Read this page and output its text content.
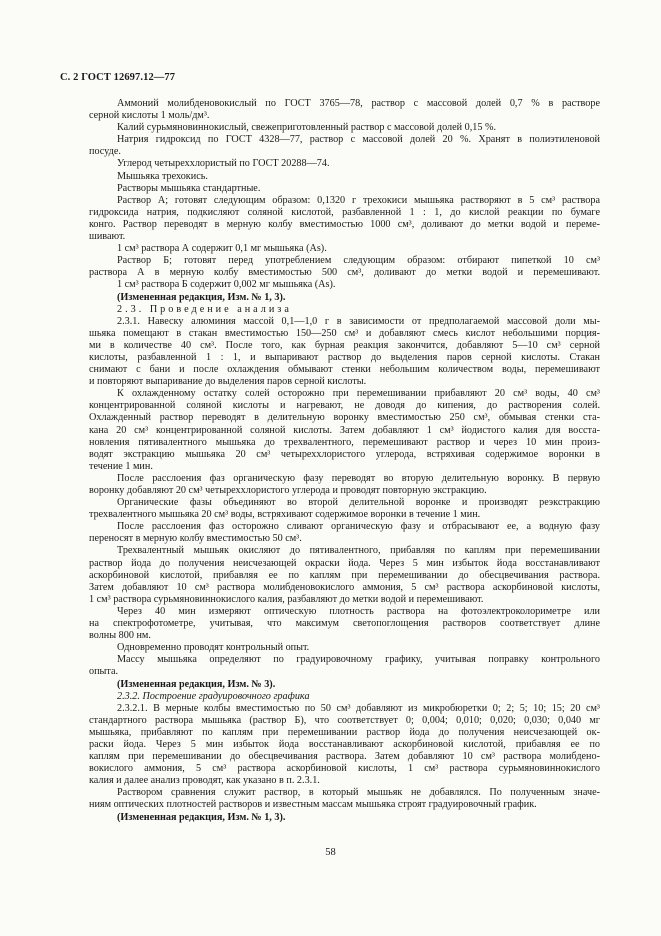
С. 2 ГОСТ 12697.12—77
Аммоний молибденовокислый по ГОСТ 3765—78, раствор с массовой долей 0,7 % в растворе
серной кислоты 1 моль/дм³.
Калий сурьмяновиннокислый, свежеприготовленный раствор с массовой долей 0,15 %.
Натрия гидроксид по ГОСТ 4328—77, раствор с массовой долей 20 %. Хранят в полиэтиленовой
посуде.
Углерод четыреххлористый по ГОСТ 20288—74.
Мышьяка трехокись.
Растворы мышьяка стандартные.
Раствор А; готовят следующим образом: 0,1320 г трехокиси мышьяка растворяют в 5 см³ раствора
гидроксида натрия, подкисляют соляной кислотой, разбавленной 1 : 1, до кислой реакции по бумаге
конго. Раствор переводят в мерную колбу вместимостью 1000 см³, доливают до метки водой и переме-
шивают.
1 см³ раствора А содержит 0,1 мг мышьяка (As).
Раствор Б; готовят перед употреблением следующим образом: отбирают пипеткой 10 см³
раствора А в мерную колбу вместимостью 500 см³, доливают до метки водой и перемешивают.
1 см³ раствора Б содержит 0,002 мг мышьяка (As).
(Измененная редакция, Изм. № 1, 3).
2.3. Проведение анализа
2.3.1. Навеску алюминия массой 0,1—1,0 г в зависимости от предполагаемой массовой доли мы-
шьяка помещают в стакан вместимостью 150—250 см³ и добавляют смесь кислот небольшими порция-
ми в количестве 40 см³. После того, как бурная реакция закончится, добавляют 5—10 см³ серной
кислоты, разбавленной 1 : 1, и выпаривают раствор до выделения паров серной кислоты. Стакан
снимают с бани и после охлаждения обмывают стенки небольшим количеством воды, перемешивают
и повторяют выпаривание до выделения паров серной кислоты.
К охлажденному остатку солей осторожно при перемешивании прибавляют 20 см³ воды, 40 см³
концентрированной соляной кислоты и нагревают, не доводя до кипения, до растворения солей.
Охлажденный раствор переводят в делительную воронку вместимостью 250 см³, обмывая стенки ста-
кана 20 см³ концентрированной соляной кислоты. Затем добавляют 1 см³ йодистого калия для восста-
новления пятивалентного мышьяка до трехвалентного, перемешивают раствор и через 10 мин произ-
водят экстракцию мышьяка 20 см³ четыреххлористого углерода, встряхивая содержимое воронки в
течение 1 мин.
После расслоения фаз органическую фазу переводят во вторую делительную воронку. В первую
воронку добавляют 20 см³ четыреххлористого углерода и проводят повторную экстракцию.
Органические фазы объединяют во второй делительной воронке и производят реэкстракцию
трехвалентного мышьяка 20 см³ воды, встряхивают содержимое воронки в течение 1 мин.
После расслоения фаз осторожно сливают органическую фазу и отбрасывают ее, а водную фазу
переносят в мерную колбу вместимостью 50 см³.
Трехвалентный мышьяк окисляют до пятивалентного, прибавляя по каплям при перемешивании
раствор йода до получения неисчезающей окраски йода. Через 5 мин избыток йода восстанавливают
аскорбиновой кислотой, прибавляя ее по каплям при перемешивании до обесцвечивания раствора.
Затем добавляют 10 см³ раствора молибденовокислого аммония, 5 см³ раствора аскорбиновой кислоты,
1 см³ раствора сурьмяновиннокислого калия, разбавляют до метки водой и перемешивают.
Через 40 мин измеряют оптическую плотность раствора на фотоэлектроколориметре или
на спектрофотометре, учитывая, что максимум светопоглощения растворов соответствует длине
волны 800 нм.
Одновременно проводят контрольный опыт.
Массу мышьяка определяют по градуировочному графику, учитывая поправку контрольного
опыта.
(Измененная редакция, Изм. № 3).
2.3.2. Построение градуировочного графика
2.3.2.1. В мерные колбы вместимостью по 50 см³ добавляют из микробюретки 0; 2; 5; 10; 15; 20 см³
стандартного раствора мышьяка (раствор Б), что соответствует 0; 0,004; 0,010; 0,020; 0,030; 0,040 мг
мышьяка, прибавляют по каплям при перемешивании раствор йода до получения неисчезающей ок-
раски йода. Через 5 мин избыток йода восстанавливают аскорбиновой кислотой, прибавляя ее по
каплям при перемешивании до обесцвечивания раствора. Затем добавляют 10 см³ раствора молибдено-
вокислого аммония, 5 см³ раствора аскорбиновой кислоты, 1 см³ раствора сурьмяновиннокислого
калия и далее анализ проводят, как указано в п. 2.3.1.
Раствором сравнения служит раствор, в который мышьяк не добавлялся. По полученным значе-
ниям оптических плотностей растворов и известным массам мышьяка строят градуировочный график.
(Измененная редакция, Изм. № 1, 3).
58
